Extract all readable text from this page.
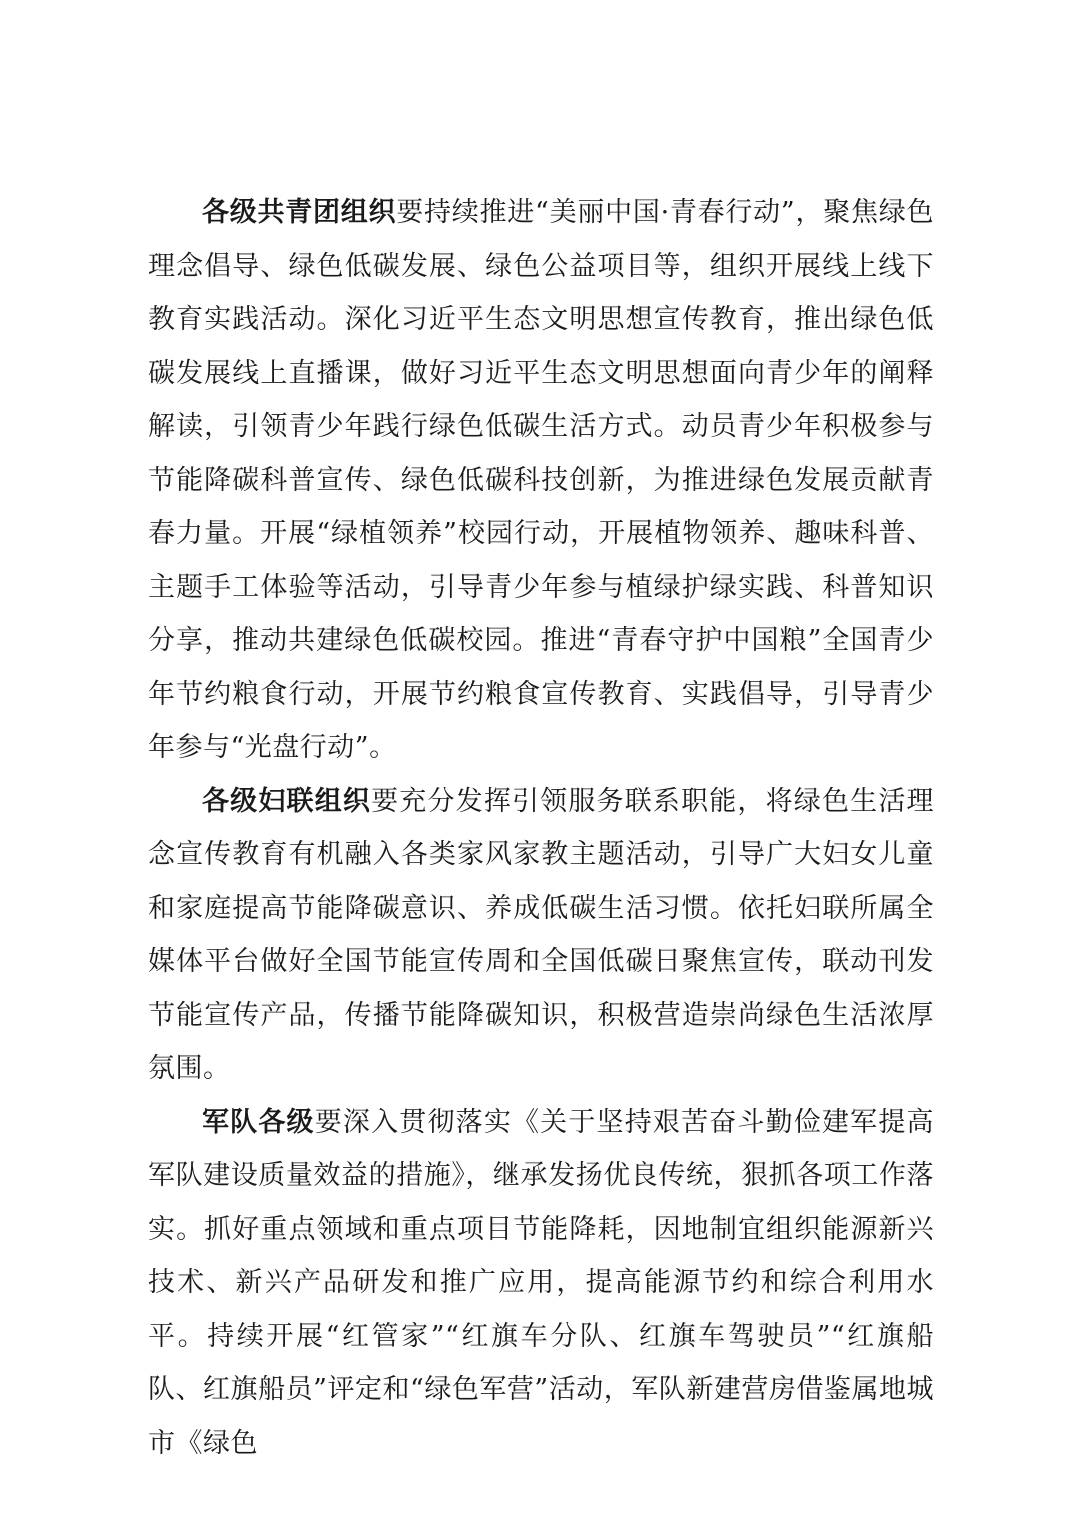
各级共青团组织要持续推进“美丽中国·青春行动”，聚焦绿色理念倡导、绿色低碳发展、绿色公益项目等，组织开展线上线下教育实践活动。深化习近平生态文明思想宣传教育，推出绿色低碳发展线上直播课，做好习近平生态文明思想面向青少年的阐释解读，引领青少年践行绿色低碳生活方式。动员青少年积极参与节能降碳科普宣传、绿色低碳科技创新，为推进绿色发展贡献青春力量。开展“绿植领养”校园行动，开展植物领养、趣味科普、主题手工体验等活动，引导青少年参与植绿护绿实践、科普知识分享，推动共建绿色低碳校园。推进“青春守护中国粮”全国青少年节约粮食行动，开展节约粮食宣传教育、实践倡导，引导青少年参与“光盘行动”。

各级妇联组织要充分发挥引领服务联系职能，将绿色生活理念宣传教育有机融入各类家风家教主题活动，引导广大妇女儿童和家庭提高节能降碳意识、养成低碳生活习惯。依托妇联所属全媒体平台做好全国节能宣传周和全国低碳日聚焦宣传，联动刊发节能宣传产品，传播节能降碳知识，积极营造崇尚绿色生活浓厚氛围。

军队各级要深入贯彻落实《关于坚持艰苦奋斗勤俭建军提高军队建设质量效益的措施》，继承发扬优良传统，狠抓各项工作落实。抓好重点领域和重点项目节能降耗，因地制宜组织能源新兴技术、新兴产品研发和推广应用，提高能源节约和综合利用水平。持续开展“红管家”“红旗车分队、红旗车驾驶员”“红旗船队、红旗船员”评定和“绿色军营”活动，军队新建营房借鉴属地城市《绿色
